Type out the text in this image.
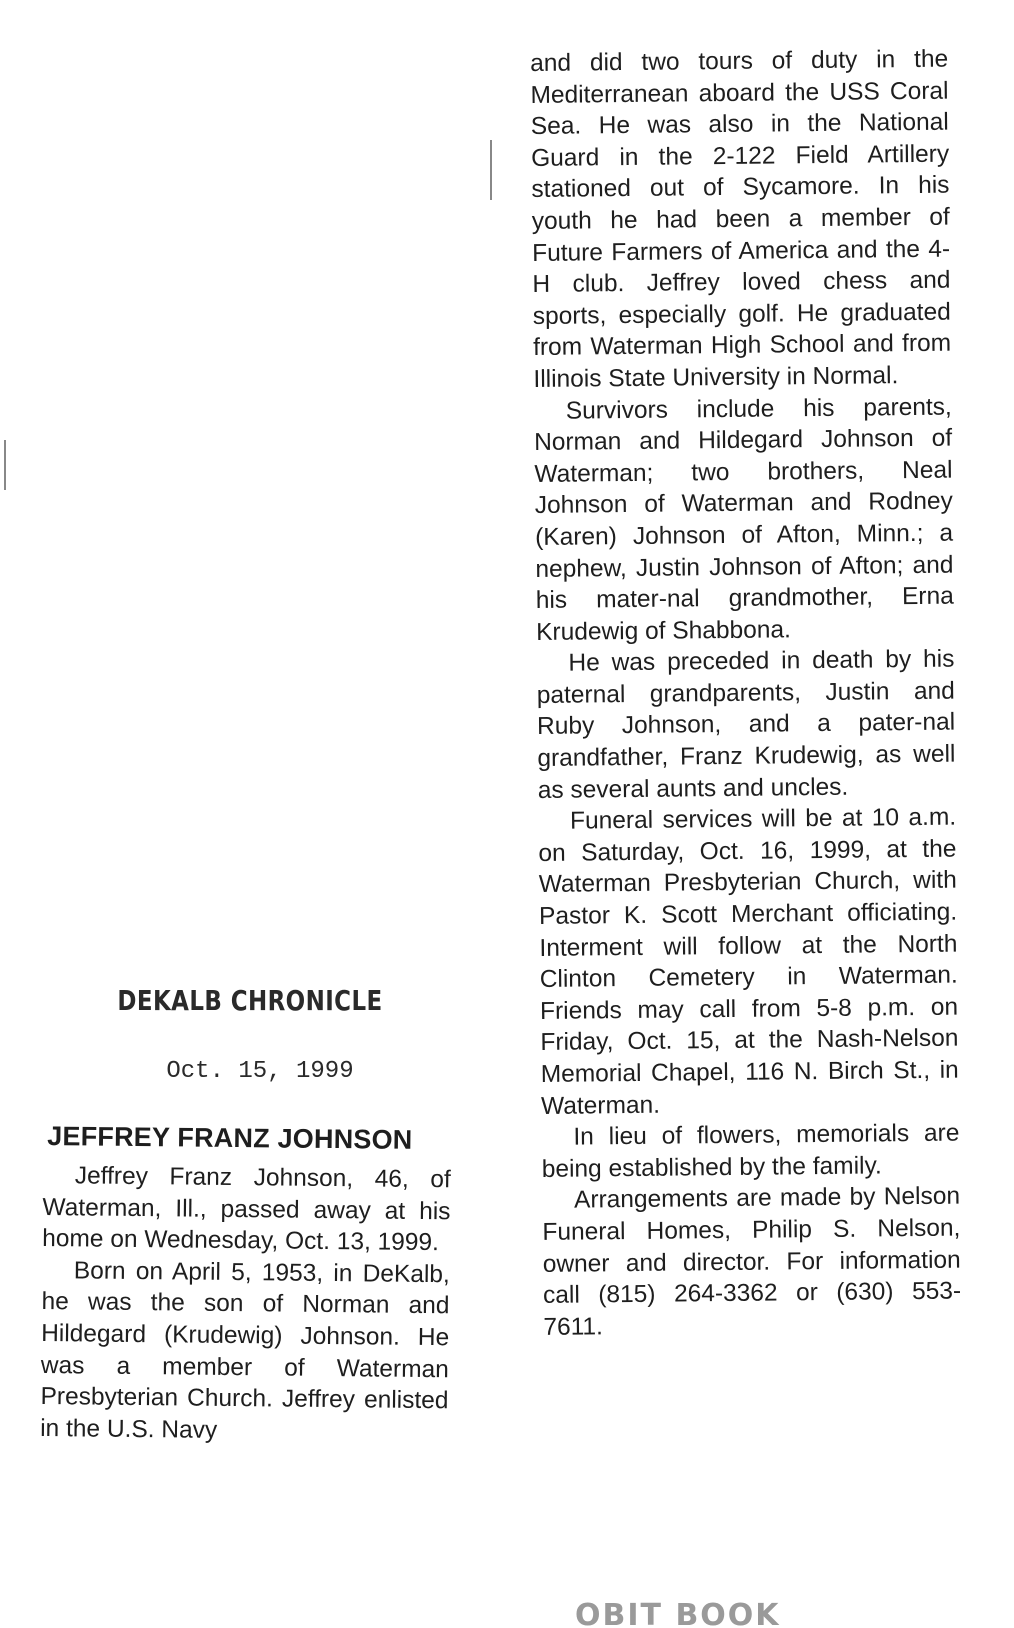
DEKALB CHRONICLE
Oct. 15, 1999
JEFFREY FRANZ JOHNSON

Jeffrey Franz Johnson, 46, of Waterman, Ill., passed away at his home on Wednesday, Oct. 13, 1999.

Born on April 5, 1953, in DeKalb, he was the son of Norman and Hildegard (Krudewig) Johnson. He was a member of Waterman Presbyterian Church. Jeffrey enlisted in the U.S. Navy

and did two tours of duty in the Mediterranean aboard the USS Coral Sea. He was also in the National Guard in the 2-122 Field Artillery stationed out of Sycamore. In his youth he had been a member of Future Farmers of America and the 4-H club. Jeffrey loved chess and sports, especially golf. He graduated from Waterman High School and from Illinois State University in Normal.

Survivors include his parents, Norman and Hildegard Johnson of Waterman; two brothers, Neal Johnson of Waterman and Rodney (Karen) Johnson of Afton, Minn.; a nephew, Justin Johnson of Afton; and his mater-nal grandmother, Erna Krudewig of Shabbona.

He was preceded in death by his paternal grandparents, Justin and Ruby Johnson, and a pater-nal grandfather, Franz Krudewig, as well as several aunts and uncles.

Funeral services will be at 10 a.m. on Saturday, Oct. 16, 1999, at the Waterman Presbyterian Church, with Pastor K. Scott Merchant officiating. Interment will follow at the North Clinton Cemetery in Waterman. Friends may call from 5-8 p.m. on Friday, Oct. 15, at the Nash-Nelson Memorial Chapel, 116 N. Birch St., in Waterman.

In lieu of flowers, memorials are being established by the family.

Arrangements are made by Nelson Funeral Homes, Philip S. Nelson, owner and director. For information call (815) 264-3362 or (630) 553-7611.

OBIT BOOK
